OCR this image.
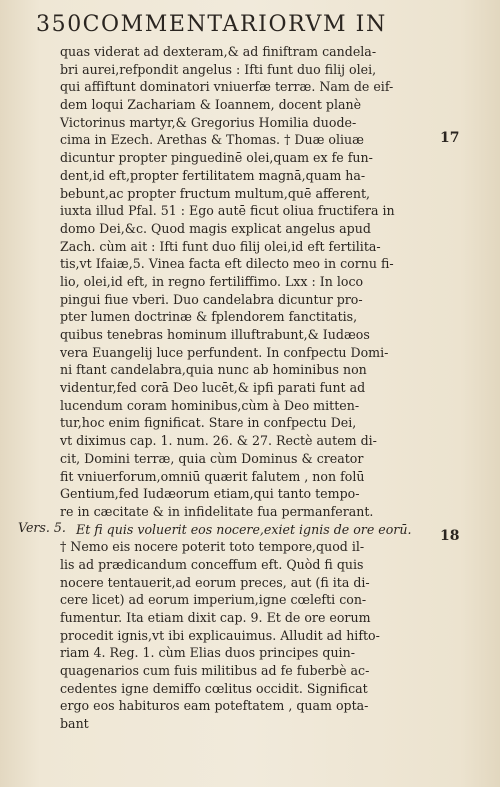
350 COMMENTARIORVM IN
17
18
Vers. 5.
quas viderat ad dexteram,& ad finiftram candela-
bri aurei,refpondit angelus : Ifti funt duo filij olei,
qui affiftunt dominatori vniuerfæ terræ. Nam de eif-
dem loqui Zachariam & Ioannem, docent planè
Victorinus martyr,& Gregorius Homilia duode-
cima in Ezech. Arethas & Thomas. † Duæ oliuæ
dicuntur propter pinguedinē olei,quam ex fe fun-
dent,id eft,propter fertilitatem magnā,quam ha-
bebunt,ac propter fructum multum,quē afferent,
iuxta illud Pfal. 51 : Ego autē ficut oliua fructifera in
domo Dei,&c. Quod magis explicat angelus apud
Zach. cùm ait : Ifti funt duo filij olei,id eft fertilita-
tis,vt Ifaiæ,5. Vinea facta eft dilecto meo in cornu fi-
lio, olei,id eft, in regno fertiliffimo. Lxx : In loco
pingui fiue vberi. Duo candelabra dicuntur pro-
pter lumen doctrinæ & fplendorem fanctitatis,
quibus tenebras hominum illuftrabunt,& Iudæos
vera Euangelij luce perfundent. In confpectu Domi-
ni ftant candelabra,quia nunc ab hominibus non
videntur,fed corā Deo lucēt,& ipfi parati funt ad
lucendum coram hominibus,cùm à Deo mitten-
tur,hoc enim fignificat. Stare in confpectu Dei,
vt diximus cap. 1. num. 26. & 27. Rectè autem di-
cit, Domini terræ, quia cùm Dominus & creator
fit vniuerforum,omniū quærit falutem , non folū
Gentium,fed Iudæorum etiam,qui tanto tempo-
re in cæcitate & in infidelitate fua permanferant.
Et fi quis voluerit eos nocere,exiet ignis de ore eorū.
† Nemo eis nocere poterit toto tempore,quod il-
lis ad prædicandum conceffum eft. Quòd fi quis
nocere tentauerit,ad eorum preces, aut (fi ita di-
cere licet) ad eorum imperium,igne cœlefti con-
fumentur. Ita etiam dixit cap. 9. Et de ore eorum
procedit ignis,vt ibi explicauimus. Alludit ad hifto-
riam 4. Reg. 1. cùm Elias duos principes quin-
quagenarios cum fuis militibus ad fe fuberbè ac-
cedentes igne demiffo cœlitus occidit. Significat
ergo eos habituros eam poteftatem , quam opta-
bant
